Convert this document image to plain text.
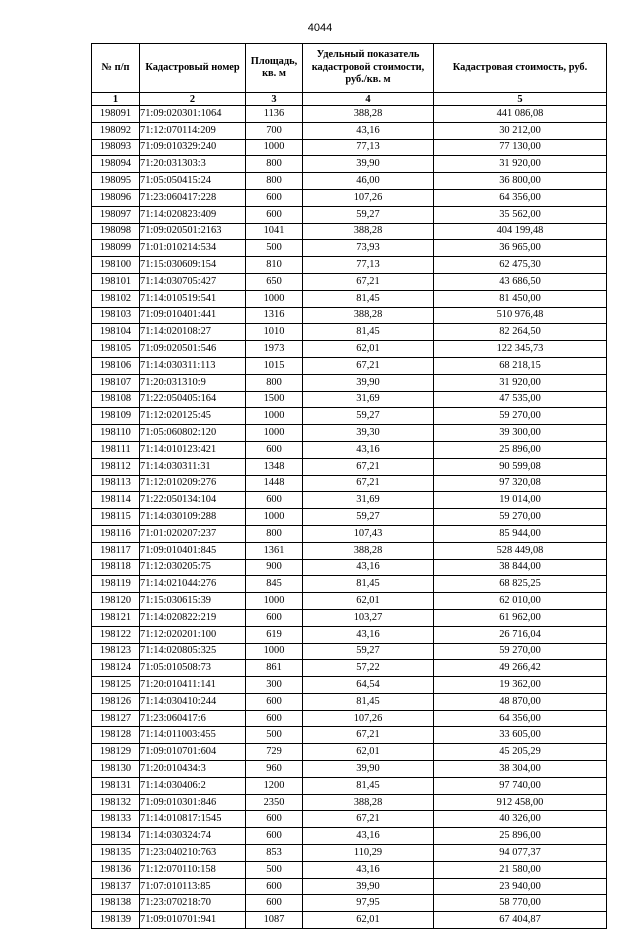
4044
№ п/п	Кадастровый номер	Площадь, кв. м	Удельный показатель кадастровой стоимости, руб./кв. м	Кадастровая стоимость, руб.
1	2	3	4	5
198091	71:09:020301:1064	1136	388,28	441 086,08
198092	71:12:070114:209	700	43,16	30 212,00
198093	71:09:010329:240	1000	77,13	77 130,00
198094	71:20:031303:3	800	39,90	31 920,00
198095	71:05:050415:24	800	46,00	36 800,00
198096	71:23:060417:228	600	107,26	64 356,00
198097	71:14:020823:409	600	59,27	35 562,00
198098	71:09:020501:2163	1041	388,28	404 199,48
198099	71:01:010214:534	500	73,93	36 965,00
198100	71:15:030609:154	810	77,13	62 475,30
198101	71:14:030705:427	650	67,21	43 686,50
198102	71:14:010519:541	1000	81,45	81 450,00
198103	71:09:010401:441	1316	388,28	510 976,48
198104	71:14:020108:27	1010	81,45	82 264,50
198105	71:09:020501:546	1973	62,01	122 345,73
198106	71:14:030311:113	1015	67,21	68 218,15
198107	71:20:031310:9	800	39,90	31 920,00
198108	71:22:050405:164	1500	31,69	47 535,00
198109	71:12:020125:45	1000	59,27	59 270,00
198110	71:05:060802:120	1000	39,30	39 300,00
198111	71:14:010123:421	600	43,16	25 896,00
198112	71:14:030311:31	1348	67,21	90 599,08
198113	71:12:010209:276	1448	67,21	97 320,08
198114	71:22:050134:104	600	31,69	19 014,00
198115	71:14:030109:288	1000	59,27	59 270,00
198116	71:01:020207:237	800	107,43	85 944,00
198117	71:09:010401:845	1361	388,28	528 449,08
198118	71:12:030205:75	900	43,16	38 844,00
198119	71:14:021044:276	845	81,45	68 825,25
198120	71:15:030615:39	1000	62,01	62 010,00
198121	71:14:020822:219	600	103,27	61 962,00
198122	71:12:020201:100	619	43,16	26 716,04
198123	71:14:020805:325	1000	59,27	59 270,00
198124	71:05:010508:73	861	57,22	49 266,42
198125	71:20:010411:141	300	64,54	19 362,00
198126	71:14:030410:244	600	81,45	48 870,00
198127	71:23:060417:6	600	107,26	64 356,00
198128	71:14:011003:455	500	67,21	33 605,00
198129	71:09:010701:604	729	62,01	45 205,29
198130	71:20:010434:3	960	39,90	38 304,00
198131	71:14:030406:2	1200	81,45	97 740,00
198132	71:09:010301:846	2350	388,28	912 458,00
198133	71:14:010817:1545	600	67,21	40 326,00
198134	71:14:030324:74	600	43,16	25 896,00
198135	71:23:040210:763	853	110,29	94 077,37
198136	71:12:070110:158	500	43,16	21 580,00
198137	71:07:010113:85	600	39,90	23 940,00
198138	71:23:070218:70	600	97,95	58 770,00
198139	71:09:010701:941	1087	62,01	67 404,87
